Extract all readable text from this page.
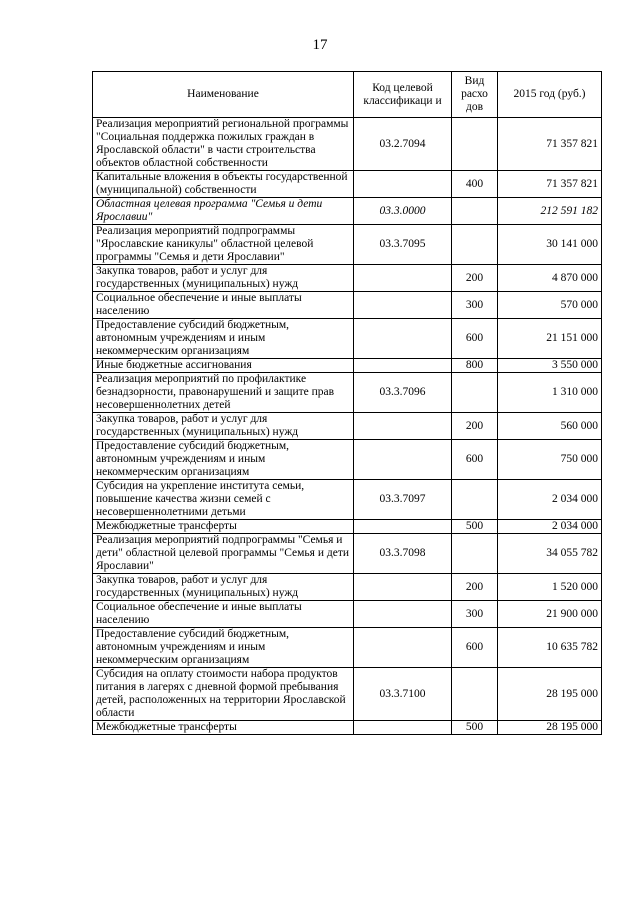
17
Наименование	Код целевой классификаци и	Вид расхо дов	2015 год (руб.)
Реализация мероприятий региональной программы "Социальная поддержка пожилых граждан в Ярославской области" в части строительства объектов областной собственности	03.2.7094		71 357 821
Капитальные вложения в объекты государственной (муниципальной) собственности		400	71 357 821
Областная целевая программа "Семья и дети Ярославии"	03.3.0000		212 591 182
Реализация мероприятий подпрограммы "Ярославские каникулы" областной целевой программы "Семья и дети Ярославии"	03.3.7095		30 141 000
Закупка товаров, работ и услуг для государственных (муниципальных) нужд		200	4 870 000
Социальное обеспечение и иные выплаты населению		300	570 000
Предоставление субсидий бюджетным, автономным учреждениям и иным некоммерческим организациям		600	21 151 000
Иные бюджетные ассигнования		800	3 550 000
Реализация мероприятий по профилактике безнадзорности, правонарушений и защите прав несовершеннолетних детей	03.3.7096		1 310 000
Закупка товаров, работ и услуг для государственных (муниципальных) нужд		200	560 000
Предоставление субсидий бюджетным, автономным учреждениям и иным некоммерческим организациям		600	750 000
Субсидия на укрепление института семьи, повышение качества жизни семей с несовершеннолетними детьми	03.3.7097		2 034 000
Межбюджетные трансферты		500	2 034 000
Реализация мероприятий подпрограммы "Семья и дети" областной целевой программы "Семья и дети Ярославии"	03.3.7098		34 055 782
Закупка товаров, работ и услуг для государственных (муниципальных) нужд		200	1 520 000
Социальное обеспечение и иные выплаты населению		300	21 900 000
Предоставление субсидий бюджетным, автономным учреждениям и иным некоммерческим организациям		600	10 635 782
Субсидия на оплату стоимости набора продуктов питания в лагерях с дневной формой пребывания детей, расположенных на территории Ярославской области	03.3.7100		28 195 000
Межбюджетные трансферты		500	28 195 000
